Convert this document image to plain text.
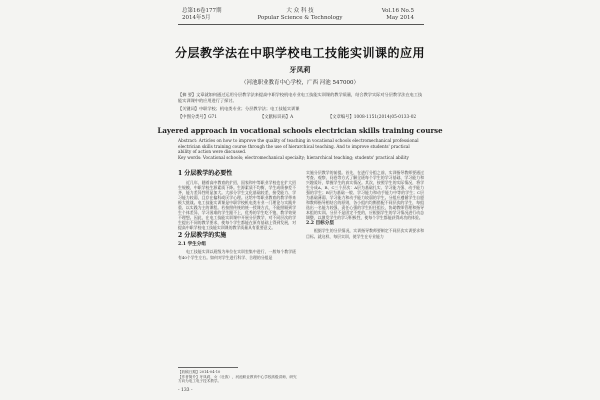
总第16卷177期
2014年5月
大 众 科 技
Popular Science & Technology
Vol.16 No.5
May 2014
分层教学法在中职学校电工技能实训课的应用
牙凤莉
（河池职业教育中心学校，广西 河池 547000）
【摘 要】文章就如何通过运用分层教学法来提高中职学校机电专业电工技能实训课的教学质量，结合教学实际对分层教学法在电工技能实训课中的应用进行了探讨。
【关键词】中职学校；机电类专业；分层教学法；电工技能实训课
【中图分类号】G71	【文献标识码】A	【文章编号】1008-1151(2014)05-0133-02
Layered approach in vocational schools electrician skills training course
Abstract: Articles on how to improve the quality of teaching in vocational schools electromechanical professional electrician skills training course through the use of hierarchical teaching. And to improve students' practical ability of action were discussed.
Key words: Vocational schools; electromechanical specialty; hierarchical teaching; students' practical ability
1 分层教学的必要性
近几年，随着高中教育的扩招，国家和中等职业学校也在扩大招生规模，中职学校生源素质下降。生源素质不均衡，学生成绩参差不齐，能力差异性明显加大。大部分学生文化基础较差，接受能力、学习能力较弱，且存在偏科或厌学心理。这给中等职业教育的教学带来极大挑战。电工技能实训课是中职学校机电类专业一门理论与实践并重、以实践为主的课程。若按照传统的统一授课方式，不能照顾到学生个体差异，学习困难的学生跟不上，优秀的学生吃不饱，教学效果不理想。因此，在电工技能实训课中开展分层教学，对不同层次的学生提出不同的教学要求，使每个学生都能在原有基础上得到发展，对提高中职学校电工技能实训课的教学质量具有重要意义。
2 分层教学的实施
2.1 学生分组
电工技能实训以班级为单位在实训室集中进行，一般每个教学班有40个学生左右。如何对学生进行科学、合理的分组是
实施分层教学的前提。首先，在进行分组之前，实训指导教师要通过考查、观察、问卷等方式了解全班每个学生的学习基础、学习能力和兴趣爱好，掌握学生的真实情况。其次，按照学生的实际情况，将学生分成A、B、C三个层次：A层为基础扎实、学习能力强、动手能力强的学生；B层为基础一般、学习能力和动手能力中等的学生；C层为基础薄弱、学习能力和动手能力较弱的学生。分组应遵循学生自愿和教师指导相结合的原则，各小组内均衡搭配不同层次的学生，每组选出一名能力较强、责任心强的学生担任组长，协助教师管理和指导本组的实训。分层不是固定不变的，应根据学生的学习情况进行动态调整，以激发学生的学习积极性，使每个学生都能获得成功的体验。
2.2 目标分层
根据学生的分层情况，实训指导教师要制定不同层次实训要求和目标。就这样，每层实训，使学生在专业能力
【收稿日期】2014-04-10
【作者简介】牙凤莉，女（壮族），河池职业教育中心学校高级讲师，研究方向为电工电子技术教学。
- 133 -
